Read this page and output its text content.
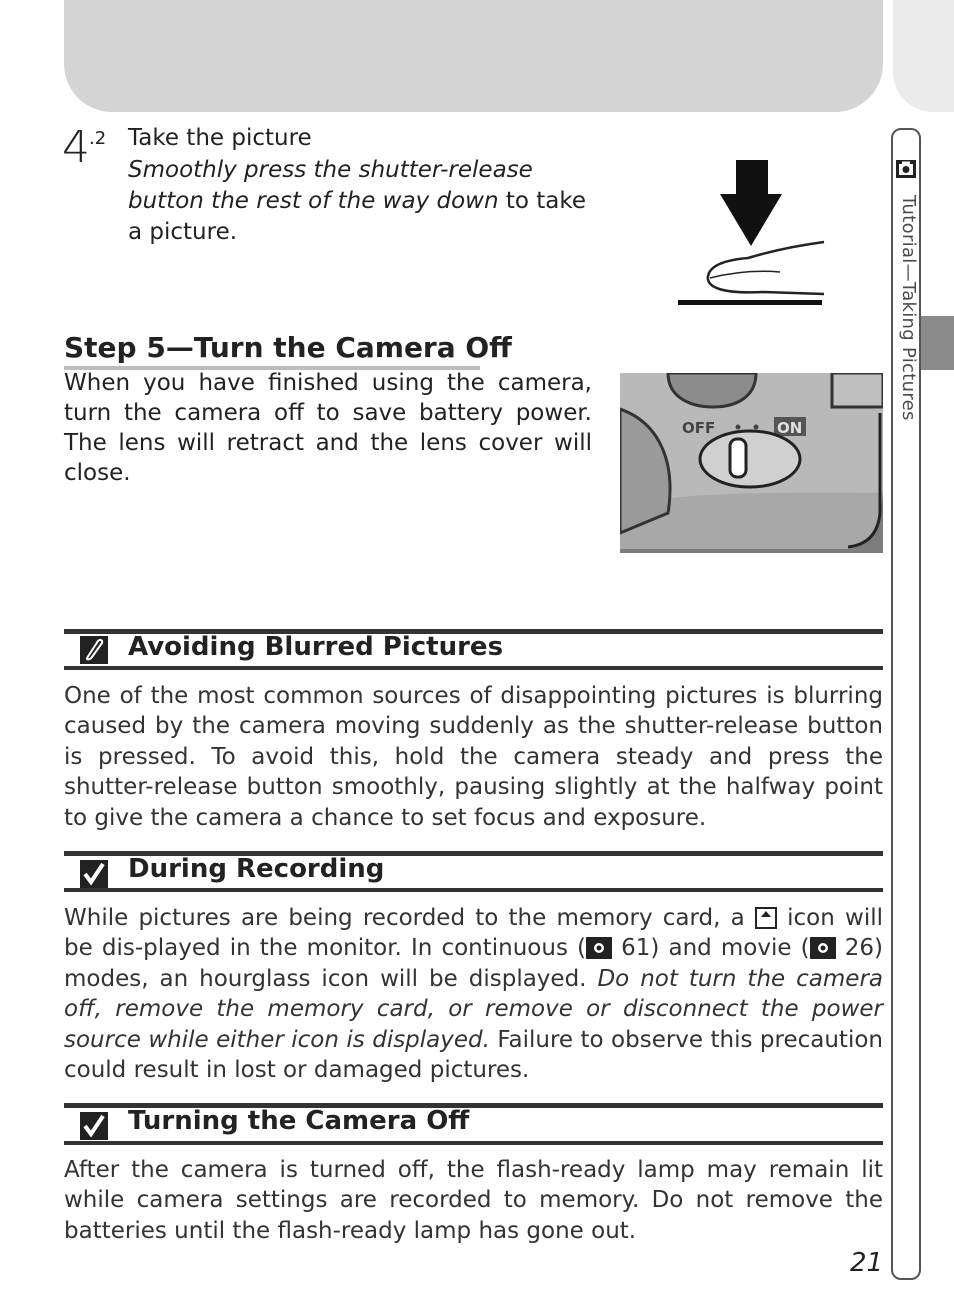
Tutorial—Taking Pictures
4 .2 Take the picture
Smoothly press the shutter-release button the rest of the way down to take a picture.
Step 5—Turn the Camera Off
When you have finished using the camera, turn the camera off to save battery power. The lens will retract and the lens cover will close.
OFF	ON
Avoiding Blurred Pictures
One of the most common sources of disappointing pictures is blurring caused by the camera moving suddenly as the shutter-release button is pressed. To avoid this, hold the camera steady and press the shutter-release button smoothly, pausing slightly at the halfway point to give the camera a chance to set focus and exposure.
During Recording
While pictures are being recorded to the memory card, a  icon will be dis-played in the monitor. In continuous ( 61) and movie ( 26) modes, an hourglass icon will be displayed. Do not turn the camera off, remove the memory card, or remove or disconnect the power source while either icon is displayed. Failure to observe this precaution could result in lost or damaged pictures.
Turning the Camera Off
After the camera is turned off, the flash-ready lamp may remain lit while camera settings are recorded to memory. Do not remove the batteries until the flash-ready lamp has gone out.
21
